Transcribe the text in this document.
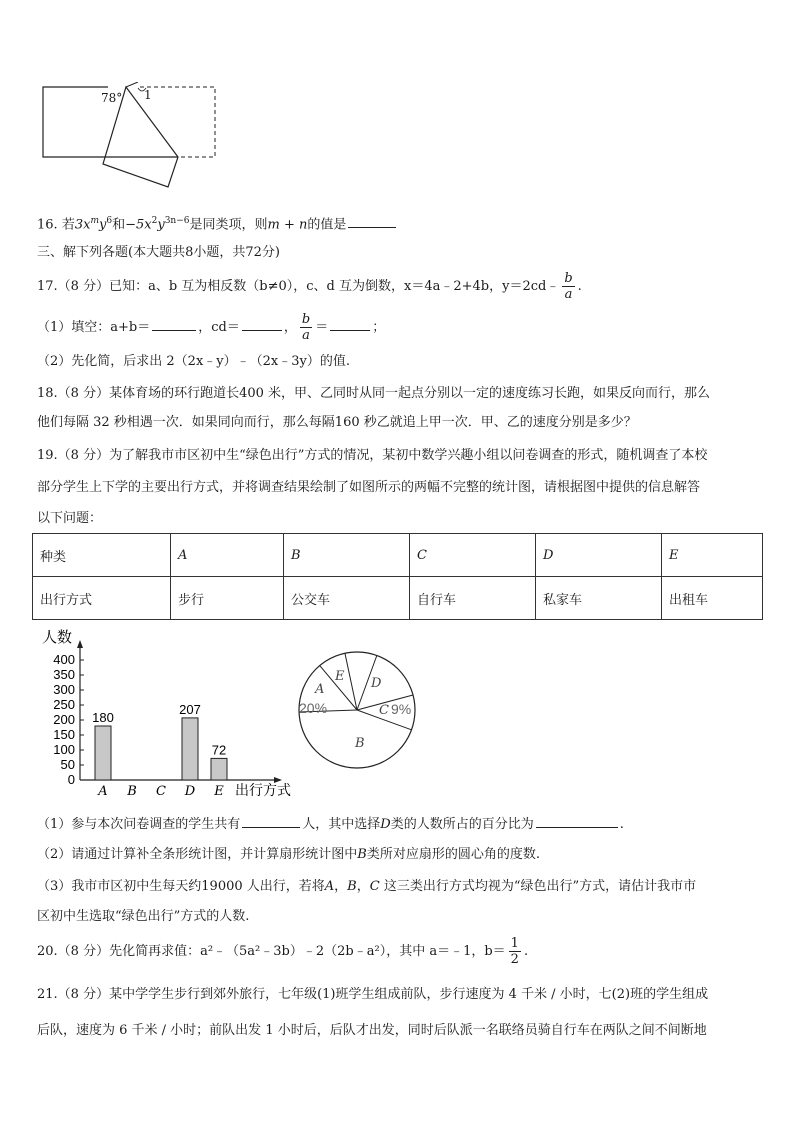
78° 1
16. 若$3x^my^6$和$-5x^2y^{3n-6}$是同类项，则m + n的值是
三、解下列各题(本大题共8小题，共72分)
17.（8 分）已知：a、b 互为相反数（b≠0），c、d 互为倒数，x＝4a﹣2+4b，y＝2cd﹣ $\frac{b}{a}$ .
（1）填空：a+b＝	，cd＝	， $\frac{b}{a}$ ＝	；
（2）先化简，后求出 2（2x﹣y）﹣（2x﹣3y）的值.
18.（8 分）某体育场的环行跑道长400 米，甲、乙同时从同一起点分别以一定的速度练习长跑，如果反向而行，那么
他们每隔 32 秒相遇一次．如果同向而行，那么每隔160 秒乙就追上甲一次．甲、乙的速度分别是多少？
19.（8 分）为了解我市市区初中生“绿色出行”方式的情况，某初中数学兴趣小组以问卷调查的形式，随机调查了本校
部分学生上下学的主要出行方式，并将调查结果绘制了如图所示的两幅不完整的统计图，请根据图中提供的信息解答
以下问题：
种类	A	B	C	D	E
出行方式	步行	公交车	自行车	私家车	出租车
0
50
100
150
200
250
300
350
400
人数
180
A B C
207
D
72
E 出行方式
A
20%
E D
C 9%
B
（1）参与本次问卷调查的学生共有	人，其中选择D类的人数所占的百分比为	.
（2）请通过计算补全条形统计图，并计算扇形统计图中B类所对应扇形的圆心角的度数.
（3）我市市区初中生每天约19000 人出行，若将A，B，C 这三类出行方式均视为“绿色出行”方式，请估计我市市
区初中生选取“绿色出行”方式的人数.
20.（8 分）先化简再求值：a²﹣（5a²﹣3b）﹣2（2b﹣a²），其中 a＝﹣1，$b= \frac{1}{2}$ .
21.（8 分）某中学学生步行到郊外旅行，七年级(1)班学生组成前队，步行速度为 4 千米 / 小时，七(2)班的学生组成
后队，速度为 6 千米 / 小时；前队出发 1 小时后，后队才出发，同时后队派一名联络员骑自行车在两队之间不间断地
